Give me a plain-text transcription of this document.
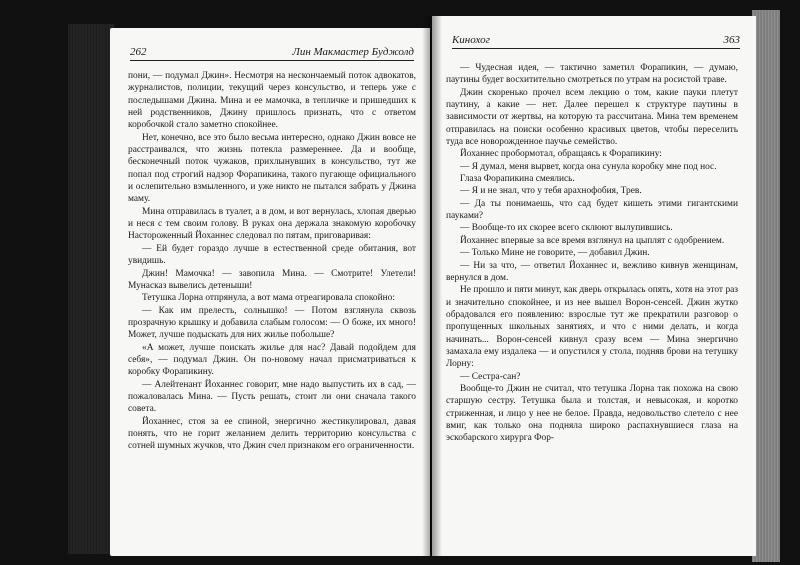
262	Лин Макмастер Буджолд

пони, — подумал Джин». Несмотря на нескончаемый поток адвокатов, журналистов, полиции, текущий через консульство, и теперь уже с последышами Джина. Мина и ее мамочка, в тепличке и пришедших к ней родственников, Джину пришлось признать, что с ответом коробочкой стало заметно спокойнее.

Нет, конечно, все это было весьма интересно, однако Джин вовсе не расстраивался, что жизнь потекла размереннее. Да и вообще, бесконечный поток чужаков, прихлынувших в консульство, тут же попал под строгий надзор Форапикина, такого пугающе официального и ослепительно взмыленного, и уже никто не пытался забрать у Джина маму.

Мина отправилась в туалет, а в дом, и вот вернулась, хлопая дверью и неся с тем своим голову. В руках она держала знакомую коробочку Настороженный Йоханнес следовал по пятам, приговаривая:

— Ей будет гораздо лучше в естественной среде обитания, вот увидишь.

Джин! Мамочка! — завопила Мина. — Смотрите! Улетели! Мунасказ вывелись детеныши!

Тетушка Лорна отпрянула, а вот мама отреагировала спокойно:

— Как им прелесть, солнышко! — Потом взглянула сквозь прозрачную крышку и добавила слабым голосом: — О боже, их много! Может, лучше подыскать для них жилье побольше?

«А может, лучше поискать жилье для нас? Давай подойдем для себя», — подумал Джин. Он по-новому начал присматриваться к коробку Форапикину.

— Алейтенант Йоханнес говорит, мне надо выпустить их в сад, — пожаловалась Мина. — Пусть решать, стоит ли они сначала такого совета.

Йоханнес, стоя за ее спиной, энергично жестикулировал, давая понять, что не горит желанием делить территорию консульства с сотней шумных жучков, что Джин счел признаком его ограниченности.

Кинохог	363

— Чудесная идея, — тактично заметил Форапикин, — думаю, паутины будет восхитительно смотреться по утрам на росистой траве.

Джин скоренько прочел всем лекцию о том, какие пауки плетут паутину, а какие — нет. Далее перешел к структуре паутины в зависимости от жертвы, на которую та рассчитана. Мина тем временем отправилась на поиски особенно красивых цветов, чтобы переселить туда все новорожденное паучье семейство.

Йоханнес пробормотал, обращаясь к Форапикину:

— Я думал, меня вырвет, когда она сунула коробку мне под нос.

Глаза Форапикина смеялись.

— Я и не знал, что у тебя арахнофобия, Трев.

— Да ты понимаешь, что сад будет кишеть этими гигантскими пауками?

— Вообще-то их скорее всего склюют вылупившись.

Йоханнес впервые за все время взглянул на цыплят с одобрением.

— Только Мине не говорите, — добавил Джин.

— Ни за что, — ответил Йоханнес и, вежливо кивнув женщинам, вернулся в дом.

Не прошло и пяти минут, как дверь открылась опять, хотя на этот раз и значительно спокойнее, и из нее вышел Ворон-сенсей. Джин жутко обрадовался его появлению: взрослые тут же прекратили разговор о пропущенных школьных занятиях, и что с ними делать, и когда начинать... Ворон-сенсей кивнул сразу всем — Мина энергично замахала ему издалека — и опустился у стола, подняв брови на тетушку Лорну:

— Сестра-сан?

Вообще-то Джин не считал, что тетушка Лорна так похожа на свою старшую сестру. Тетушка была и толстая, и невысокая, и коротко стриженная, и лицо у нее не белое. Правда, недовольство слетело с нее вмиг, как только она подняла широко распахнувшиеся глаза на эскобарского хирурга Фор-
